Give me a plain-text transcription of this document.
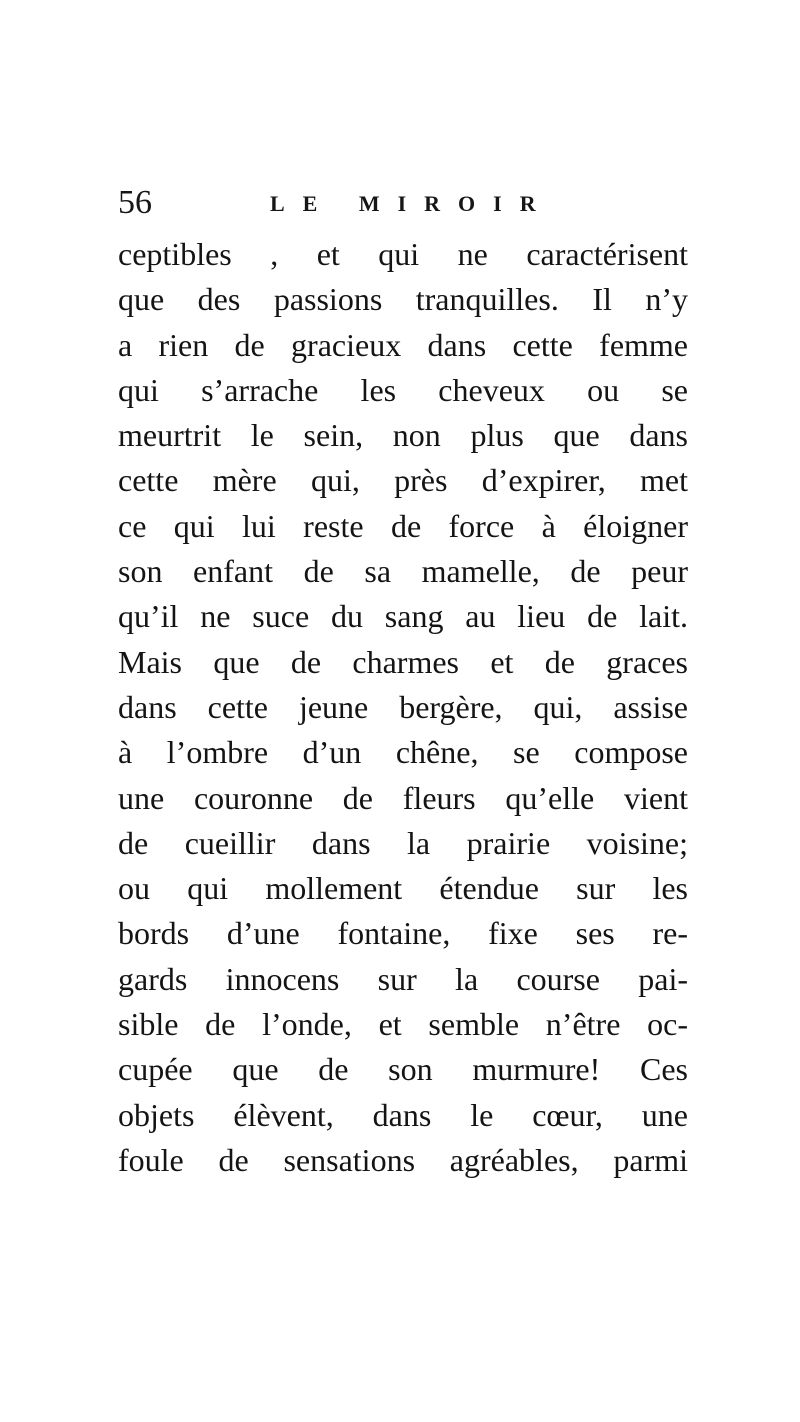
56	LE MIROIR
ceptibles , et qui ne caractérisent
que des passions tranquilles. Il n’y
a rien de gracieux dans cette femme
qui s’arrache les cheveux ou se
meurtrit le sein, non plus que dans
cette mère qui, près d’expirer, met
ce qui lui reste de force à éloigner
son enfant de sa mamelle, de peur
qu’il ne suce du sang au lieu de lait.
Mais que de charmes et de graces
dans cette jeune bergère, qui, assise
à l’ombre d’un chêne, se compose
une couronne de fleurs qu’elle vient
de cueillir dans la prairie voisine;
ou qui mollement étendue sur les
bords d’une fontaine, fixe ses re-
gards innocens sur la course pai-
sible de l’onde, et semble n’être oc-
cupée que de son murmure! Ces
objets élèvent, dans le cœur, une
foule de sensations agréables, parmi
